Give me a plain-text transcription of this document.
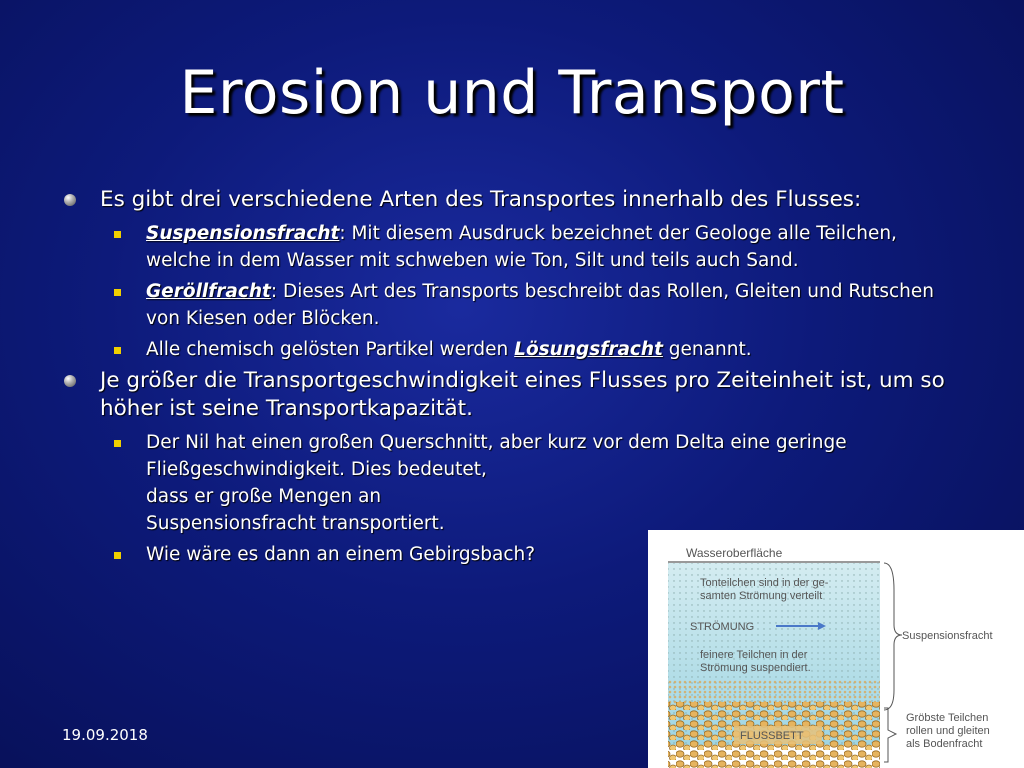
Erosion und Transport
Es gibt drei verschiedene Arten des Transportes innerhalb des Flusses:
Suspensionsfracht: Mit diesem Ausdruck bezeichnet der Geologe alle Teilchen, welche in dem Wasser mit schweben wie Ton, Silt und teils auch Sand.
Geröllfracht: Dieses Art des Transports beschreibt das Rollen, Gleiten und Rutschen von Kiesen oder Blöcken.
Alle chemisch gelösten Partikel werden Lösungsfracht genannt.
Je größer die Transportgeschwindigkeit eines Flusses pro Zeiteinheit ist, um so höher ist seine Transportkapazität.
Der Nil hat einen großen Querschnitt, aber kurz vor dem Delta eine geringe
Fließgeschwindigkeit. Dies bedeutet,
dass er große Mengen an
Suspensionsfracht transportiert.
Wie wäre es dann an einem Gebirgsbach?
19.09.2018
Wasseroberfläche
Tonteilchen sind in der ge-
samten Strömung verteilt
STRÖMUNG
feinere Teilchen in der
Strömung suspendiert.
FLUSSBETT
Suspensionsfracht
Gröbste Teilchen
rollen und gleiten
als Bodenfracht
